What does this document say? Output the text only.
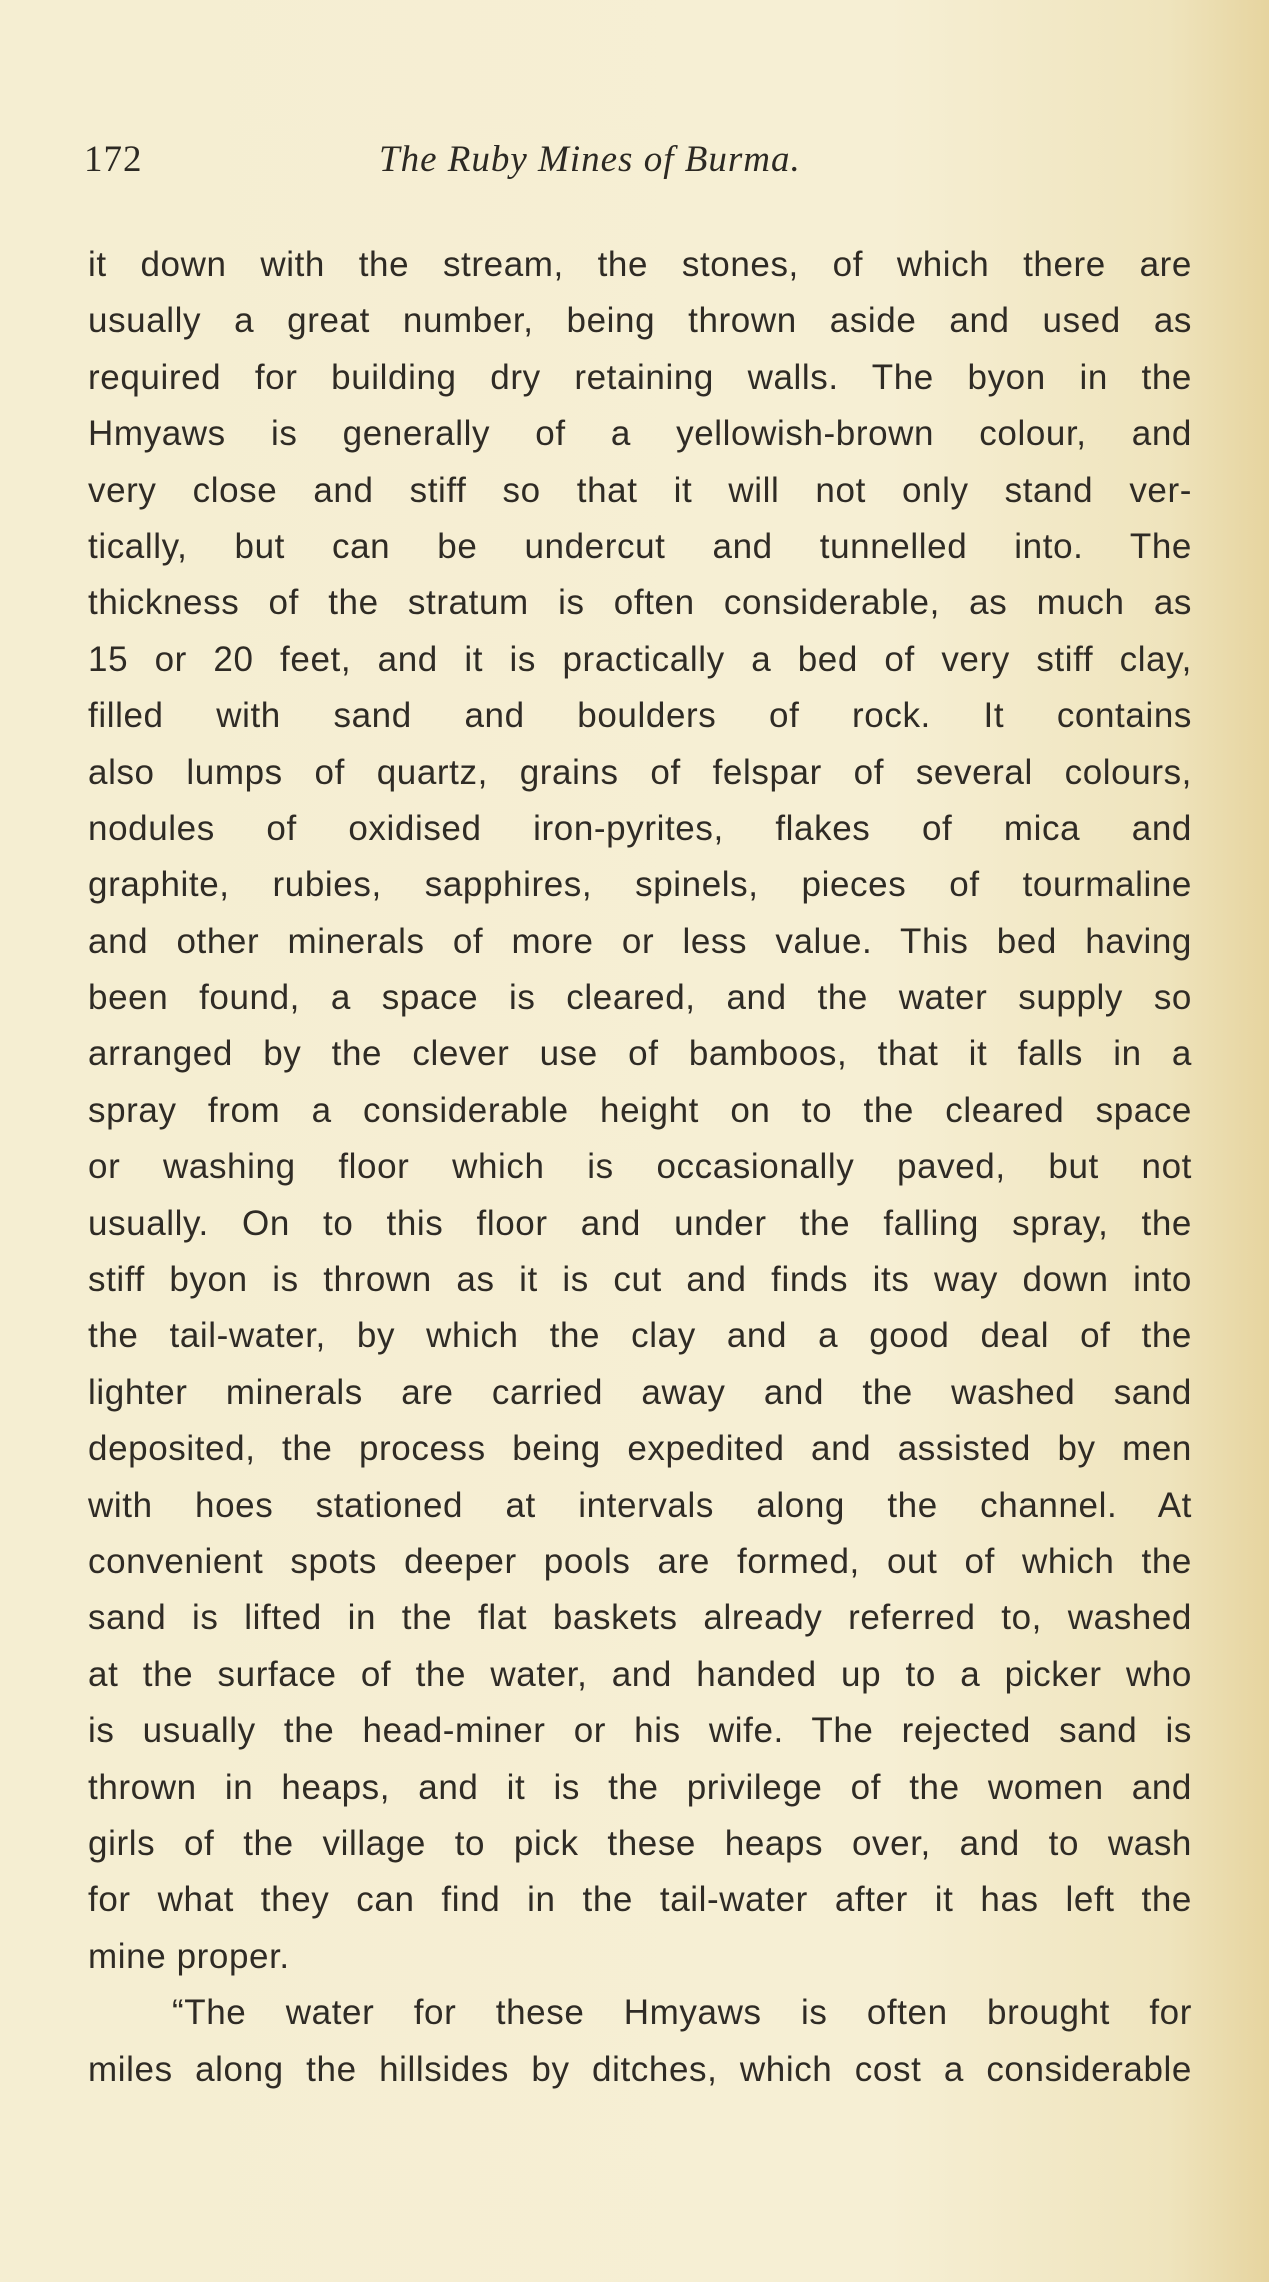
172	The Ruby Mines of Burma.
it down with the stream, the stones, of which there are
usually a great number, being thrown aside and used as
required for building dry retaining walls. The byon in the
Hmyaws is generally of a yellowish-brown colour, and
very close and stiff so that it will not only stand ver-
tically, but can be undercut and tunnelled into. The
thickness of the stratum is often considerable, as much as
15 or 20 feet, and it is practically a bed of very stiff clay,
filled with sand and boulders of rock. It contains
also lumps of quartz, grains of felspar of several colours,
nodules of oxidised iron-pyrites, flakes of mica and
graphite, rubies, sapphires, spinels, pieces of tourmaline
and other minerals of more or less value. This bed having
been found, a space is cleared, and the water supply so
arranged by the clever use of bamboos, that it falls in a
spray from a considerable height on to the cleared space
or washing floor which is occasionally paved, but not
usually. On to this floor and under the falling spray, the
stiff byon is thrown as it is cut and finds its way down into
the tail-water, by which the clay and a good deal of the
lighter minerals are carried away and the washed sand
deposited, the process being expedited and assisted by men
with hoes stationed at intervals along the channel. At
convenient spots deeper pools are formed, out of which the
sand is lifted in the flat baskets already referred to, washed
at the surface of the water, and handed up to a picker who
is usually the head-miner or his wife. The rejected sand is
thrown in heaps, and it is the privilege of the women and
girls of the village to pick these heaps over, and to wash
for what they can find in the tail-water after it has left the
mine proper.
“The water for these Hmyaws is often brought for
miles along the hillsides by ditches, which cost a considerable
